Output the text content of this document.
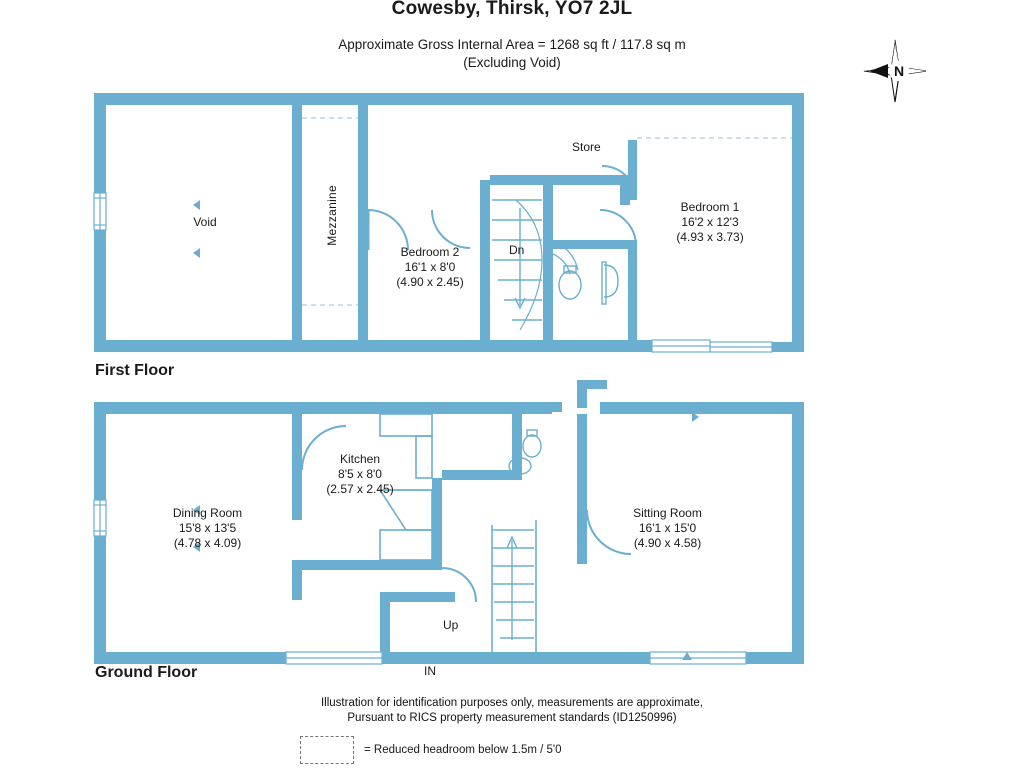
Cowesby, Thirsk, YO7 2JL
Approximate Gross Internal Area = 1268 sq ft / 117.8 sq m
(Excluding Void)
N
Void	Mezzanine
Store
Bedroom 1
16'2 x 12'3
(4.93 x 3.73)
Bedroom 2
16'1 x 8'0
(4.90 x 2.45)
Dn
First Floor
Kitchen
8'5 x 8'0
(2.57 x 2.45)
Dining Room
15'8 x 13'5
(4.78 x 4.09)
Sitting Room
16'1 x 15'0
(4.90 x 4.58)
Up
IN
Ground Floor
Illustration for identification purposes only, measurements are approximate,
Pursuant to RICS property measurement standards (ID1250996)
= Reduced headroom below 1.5m / 5'0
